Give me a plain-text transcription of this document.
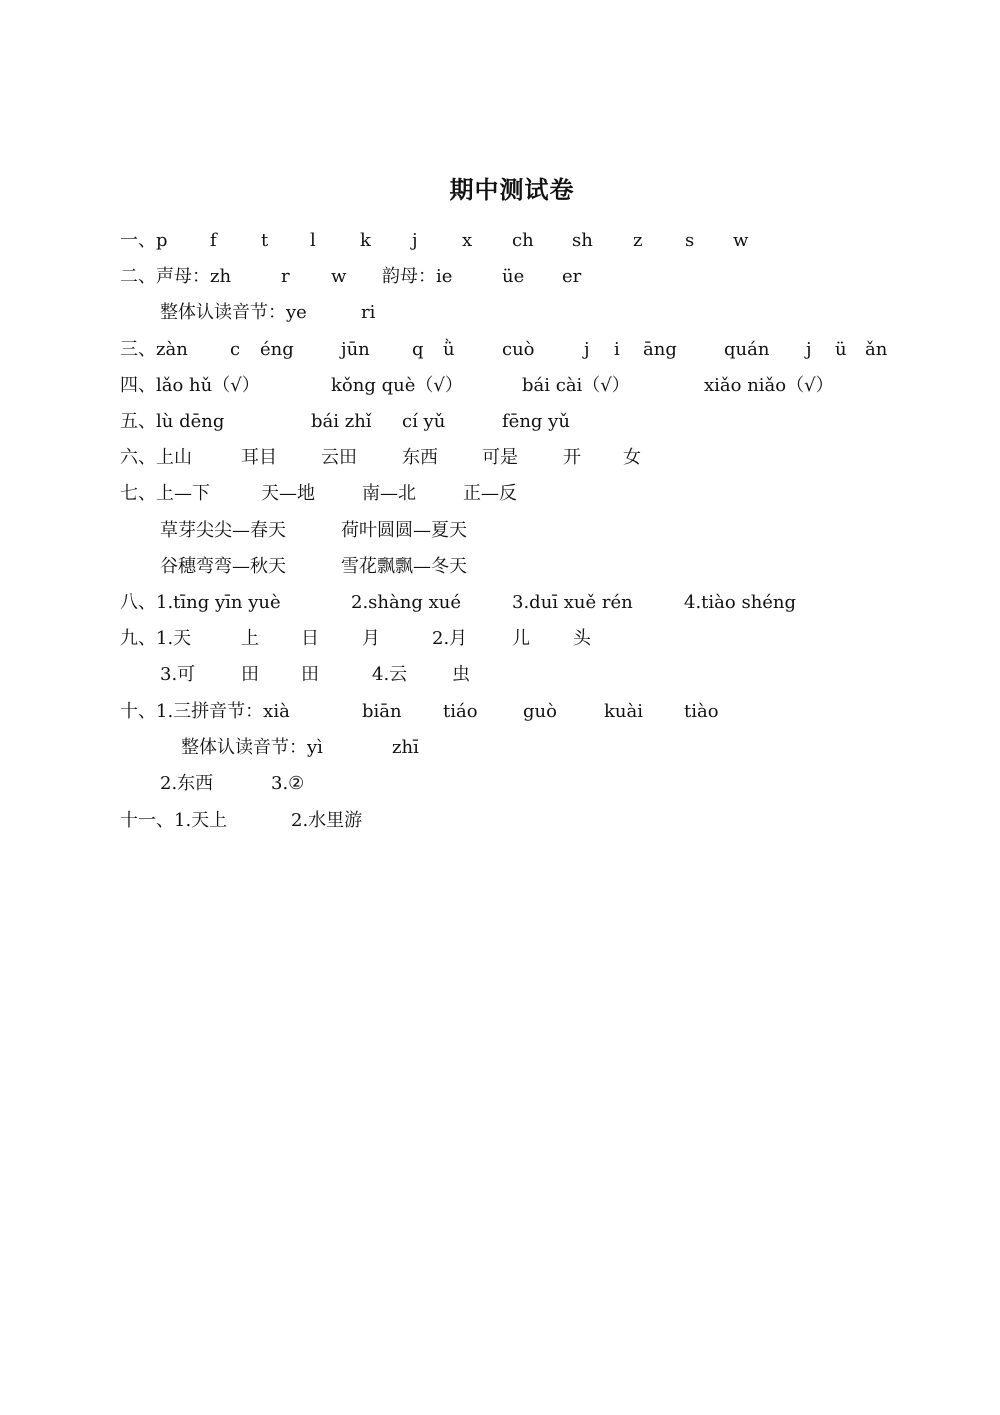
期中测试卷
一、p f t l k j x ch sh z s w
二、声母：zh	r w 韵母：ie	üe er
整体认读音节：ye	ri
三、zàn c éng	jūn q ǜ	cuò	j i āng	quán j ü ǎn
四、lǎo hǔ（√）	kǒng què（√）	bái cài（√）	xiǎo niǎo（√）
五、lù dēng	bái zhǐ cí yǔ	fēng yǔ
六、上山	耳目 云田	东西 可是	开 女
七、上—下	天—地	南—北	正—反
草芽尖尖—春天	荷叶圆圆—夏天
谷穗弯弯—秋天	雪花飘飘—冬天
八、1.tīng yīn yuè	2.shàng xué	3.duī xuě rén	4.tiào shéng
九、1.天	上 日 月	2.月 儿 头
3.可	田 田	4.云 虫
十、1.三拼音节：xià	biān tiáo	guò	kuài tiào
整体认读音节：yì	zhī
2.东西	3.②
十一、1.天上	2.水里游
